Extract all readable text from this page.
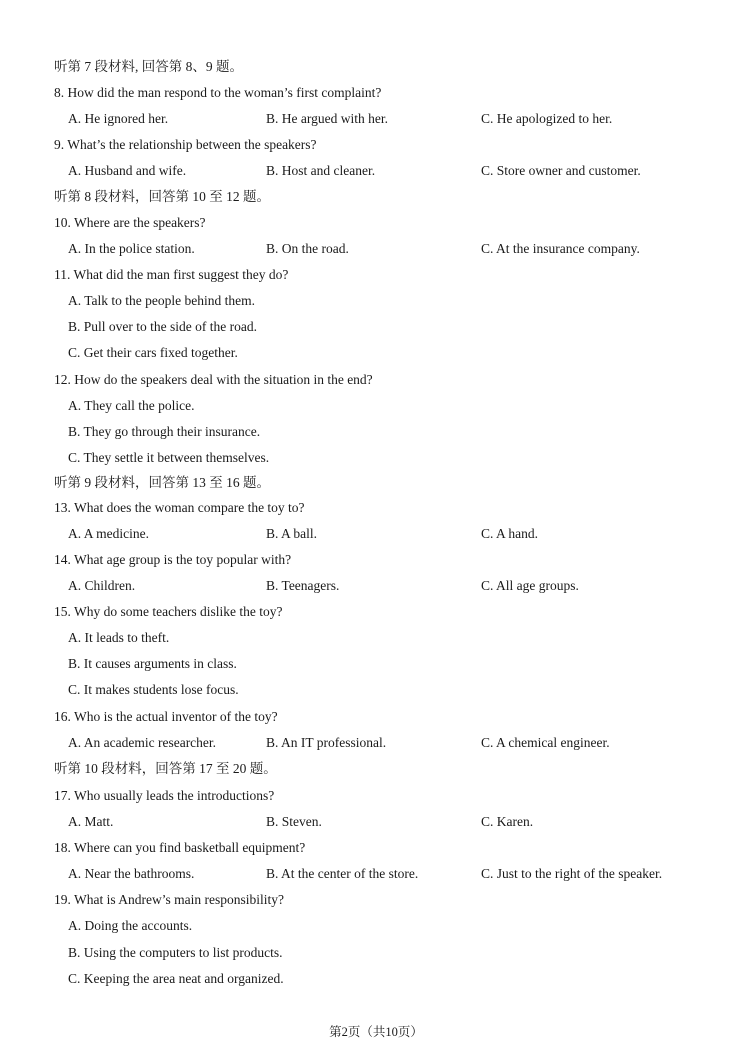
听第 7 段材料, 回答第 8、9 题。
8. How did the man respond to the woman’s first complaint?
A. He ignored her.	B. He argued with her.	C. He apologized to her.
9. What’s the relationship between the speakers?
A. Husband and wife.	B. Host and cleaner.	C. Store owner and customer.
听第 8 段材料，回答第 10 至 12 题。
10. Where are the speakers?
A. In the police station.	B. On the road.	C. At the insurance company.
11. What did the man first suggest they do?
A. Talk to the people behind them.
B. Pull over to the side of the road.
C. Get their cars fixed together.
12. How do the speakers deal with the situation in the end?
A. They call the police.
B. They go through their insurance.
C. They settle it between themselves.
听第 9 段材料，回答第 13 至 16 题。
13. What does the woman compare the toy to?
A. A medicine.	B. A ball.	C. A hand.
14. What age group is the toy popular with?
A. Children.	B. Teenagers.	C. All age groups.
15. Why do some teachers dislike the toy?
A. It leads to theft.
B. It causes arguments in class.
C. It makes students lose focus.
16. Who is the actual inventor of the toy?
A. An academic researcher.	B. An IT professional.	C. A chemical engineer.
听第 10 段材料，回答第 17 至 20 题。
17. Who usually leads the introductions?
A. Matt.	B. Steven.	C. Karen.
18. Where can you find basketball equipment?
A. Near the bathrooms.	B. At the center of the store.	C. Just to the right of the speaker.
19. What is Andrew’s main responsibility?
A. Doing the accounts.
B. Using the computers to list products.
C. Keeping the area neat and organized.
第2页（共10页）
